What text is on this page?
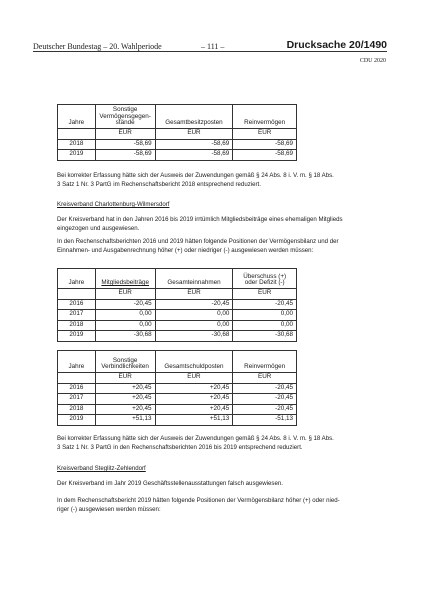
Deutscher Bundestag – 20. Wahlperiode	– 111 –	Drucksache 20/1490
CDU 2020
Jahre	Sonstige Vermögensgegen-stände	Gesamtbesitzposten	Reinvermögen
	EUR	EUR	EUR
2018	-58,69	-58,69	-58,69
2019	-58,69	-58,69	-58,69
Bei korrekter Erfassung hätte sich der Ausweis der Zuwendungen gemäß § 24 Abs. 8 i. V. m. § 18 Abs.
3 Satz 1 Nr. 3 PartG im Rechenschaftsbericht 2018 entsprechend reduziert.
Kreisverband Charlottenburg-Wilmersdorf
Der Kreisverband hat in den Jahren 2016 bis 2019 irrtümlich Mitgliedsbeiträge eines ehemaligen Mitglieds
eingezogen und ausgewiesen.
In den Rechenschaftsberichten 2016 und 2019 hätten folgende Positionen der Vermögensbilanz und der
Einnahmen- und Ausgabenrechnung höher (+) oder niedriger (-) ausgewiesen werden müssen:
Jahre	Mitgliedsbeiträge	Gesamteinnahmen	Überschuss (+) oder Defizit (-)
	EUR	EUR	EUR
2016	-20,45	-20,45	-20,45
2017	0,00	0,00	0,00
2018	0,00	0,00	0,00
2019	-30,68	-30,68	-30,68
Jahre	Sonstige Verbindlichkeiten	Gesamtschuldposten	Reinvermögen
	EUR	EUR	EUR
2016	+20,45	+20,45	-20,45
2017	+20,45	+20,45	-20,45
2018	+20,45	+20,45	-20,45
2019	+51,13	+51,13	-51,13
Bei korrekter Erfassung hätte sich der Ausweis der Zuwendungen gemäß § 24 Abs. 8 i. V. m. § 18 Abs.
3 Satz 1 Nr. 3 PartG in den Rechenschaftsberichten 2016 bis 2019 entsprechend reduziert.
Kreisverband Steglitz-Zehlendorf
Der Kreisverband im Jahr 2019 Geschäftsstellenausstattungen falsch ausgewiesen.
In dem Rechenschaftsbericht 2019 hätten folgende Positionen der Vermögensbilanz höher (+) oder nied-
riger (-) ausgewiesen werden müssen:
